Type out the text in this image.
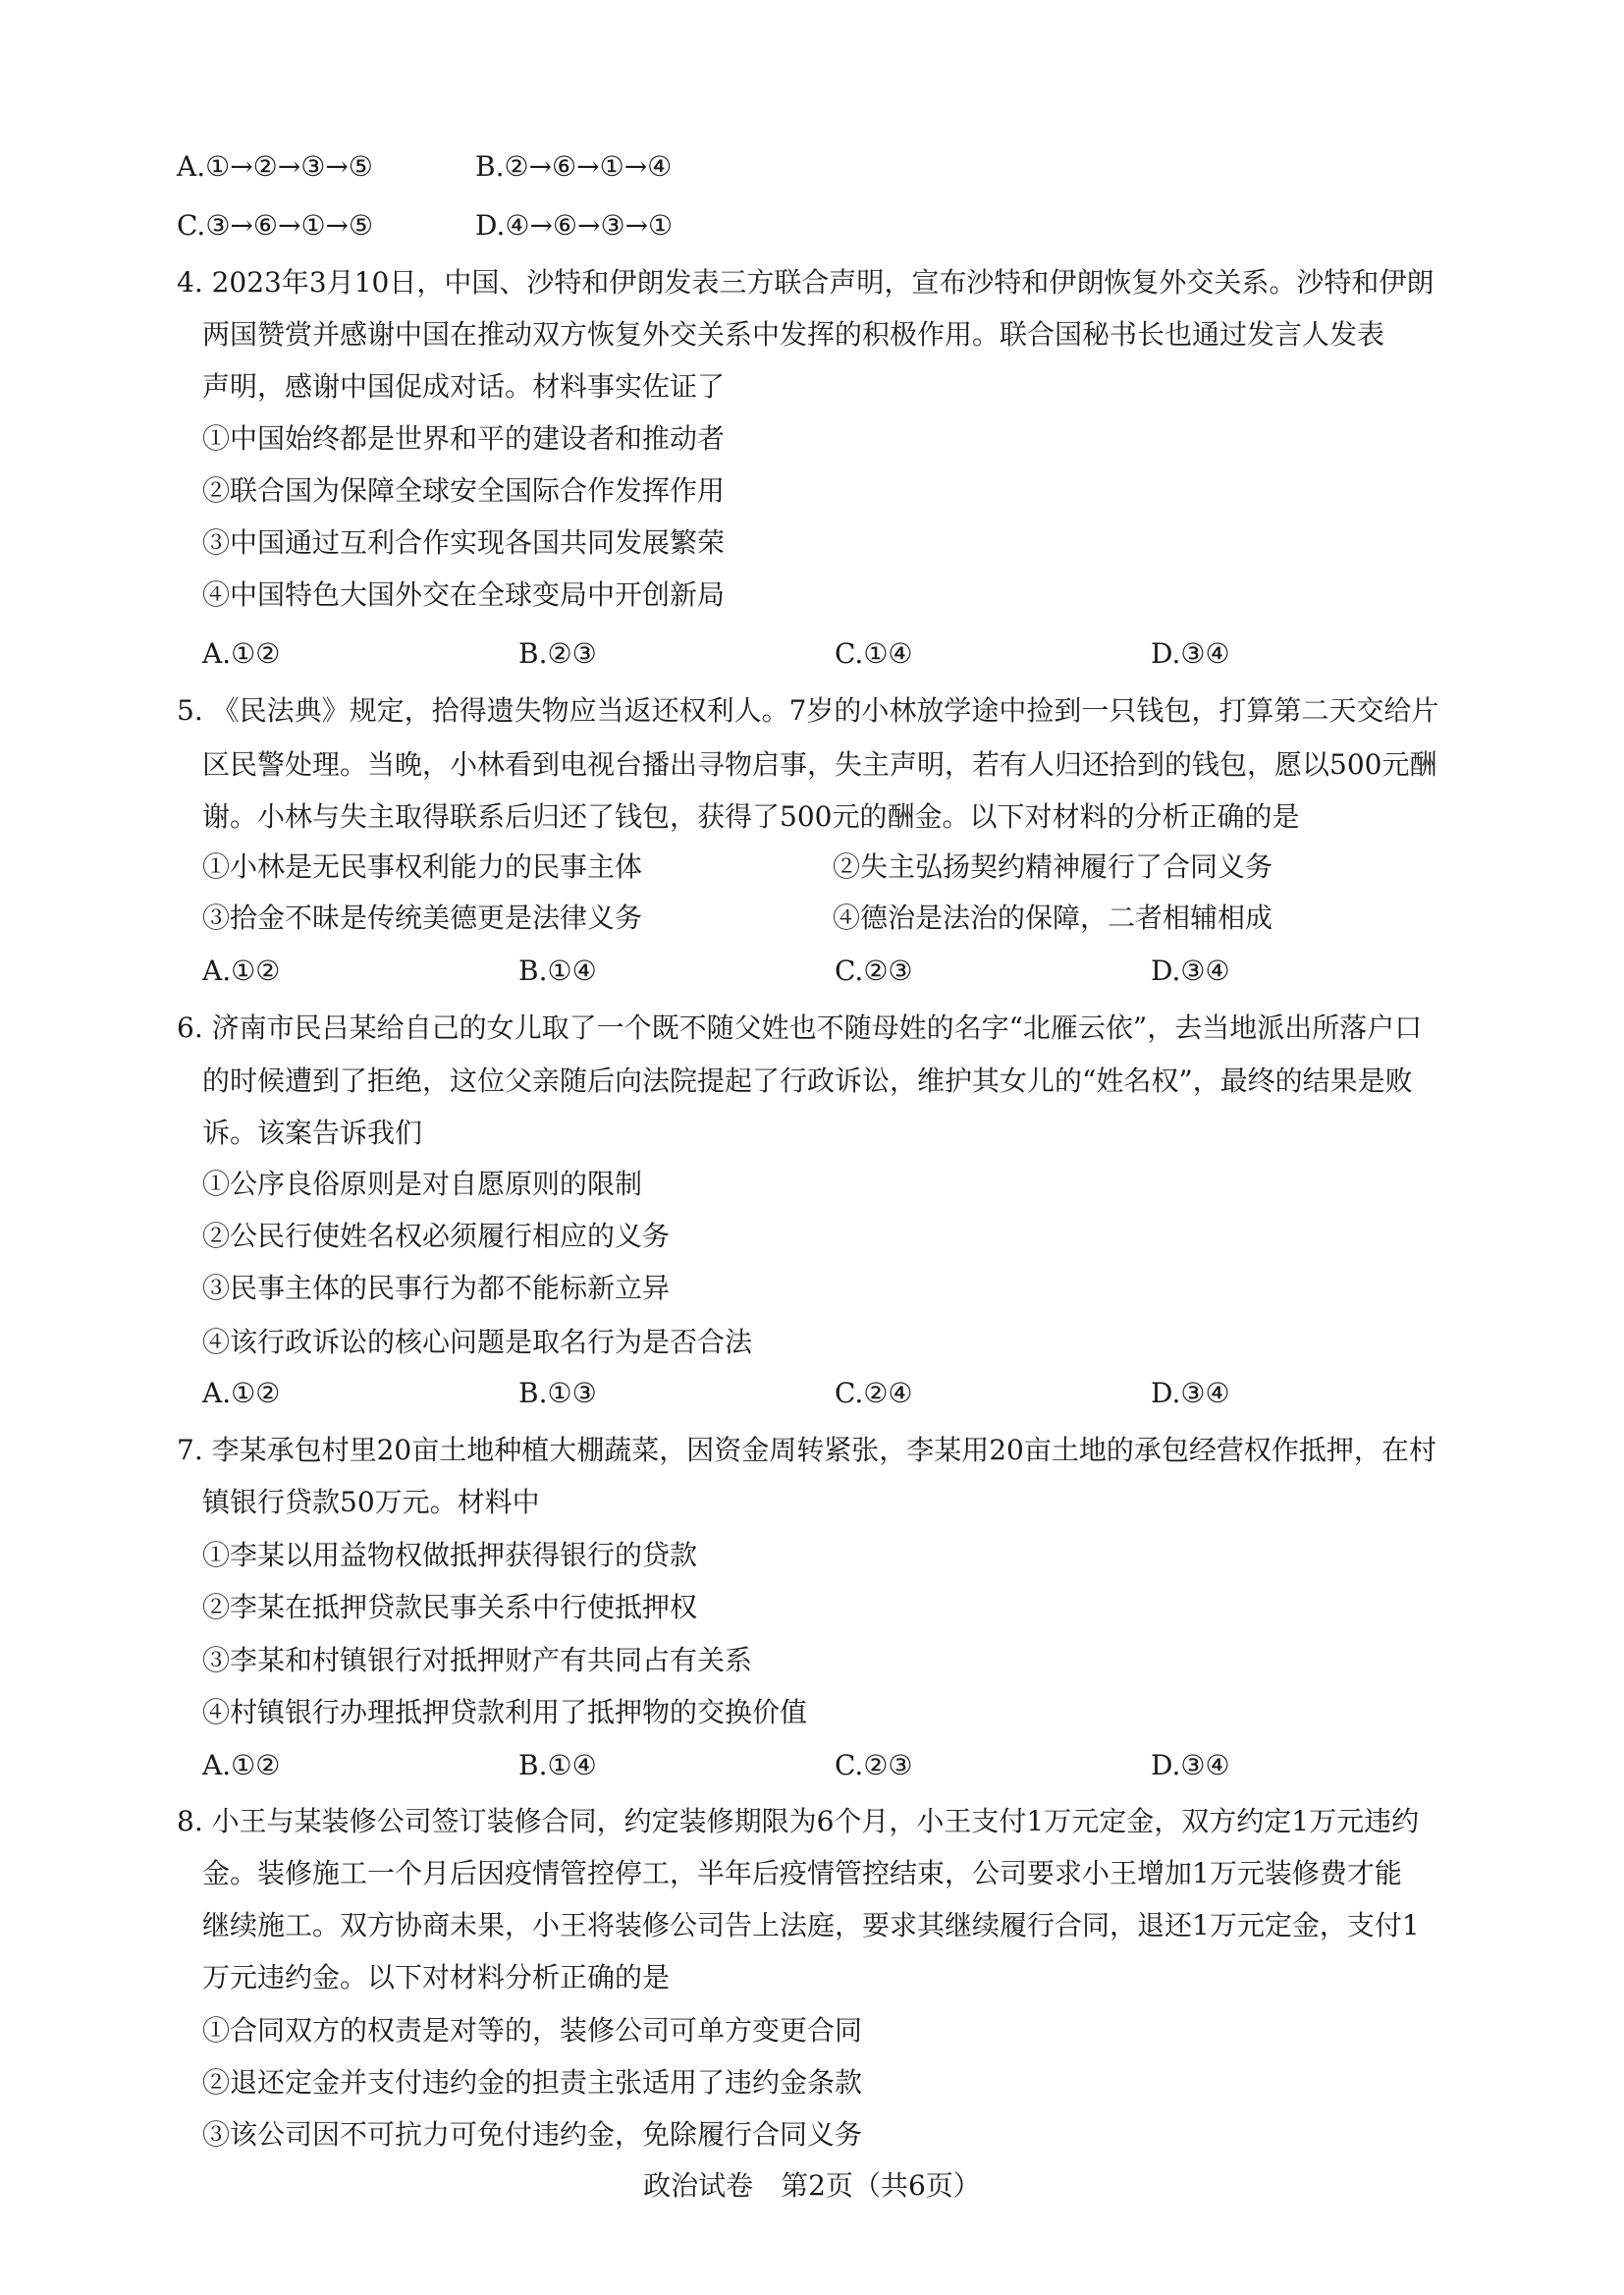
A.①→②→③→⑤	B.②→⑥→①→④
C.③→⑥→①→⑤	D.④→⑥→③→①
4. 2023年3月10日，中国、沙特和伊朗发表三方联合声明，宣布沙特和伊朗恢复外交关系。沙特和伊朗
两国赞赏并感谢中国在推动双方恢复外交关系中发挥的积极作用。联合国秘书长也通过发言人发表
声明，感谢中国促成对话。材料事实佐证了
①中国始终都是世界和平的建设者和推动者
②联合国为保障全球安全国际合作发挥作用
③中国通过互利合作实现各国共同发展繁荣
④中国特色大国外交在全球变局中开创新局
A.①②	B.②③	C.①④	D.③④
5. 《民法典》规定，拾得遗失物应当返还权利人。7岁的小林放学途中捡到一只钱包，打算第二天交给片
区民警处理。当晚，小林看到电视台播出寻物启事，失主声明，若有人归还拾到的钱包，愿以500元酬
谢。小林与失主取得联系后归还了钱包，获得了500元的酬金。以下对材料的分析正确的是
①小林是无民事权利能力的民事主体	②失主弘扬契约精神履行了合同义务
③拾金不昧是传统美德更是法律义务	④德治是法治的保障，二者相辅相成
A.①②	B.①④	C.②③	D.③④
6. 济南市民吕某给自己的女儿取了一个既不随父姓也不随母姓的名字“北雁云依”，去当地派出所落户口
的时候遭到了拒绝，这位父亲随后向法院提起了行政诉讼，维护其女儿的“姓名权”，最终的结果是败
诉。该案告诉我们
①公序良俗原则是对自愿原则的限制
②公民行使姓名权必须履行相应的义务
③民事主体的民事行为都不能标新立异
④该行政诉讼的核心问题是取名行为是否合法
A.①②	B.①③	C.②④	D.③④
7. 李某承包村里20亩土地种植大棚蔬菜，因资金周转紧张，李某用20亩土地的承包经营权作抵押，在村
镇银行贷款50万元。材料中
①李某以用益物权做抵押获得银行的贷款
②李某在抵押贷款民事关系中行使抵押权
③李某和村镇银行对抵押财产有共同占有关系
④村镇银行办理抵押贷款利用了抵押物的交换价值
A.①②	B.①④	C.②③	D.③④
8. 小王与某装修公司签订装修合同，约定装修期限为6个月，小王支付1万元定金，双方约定1万元违约
金。装修施工一个月后因疫情管控停工，半年后疫情管控结束，公司要求小王增加1万元装修费才能
继续施工。双方协商未果，小王将装修公司告上法庭，要求其继续履行合同，退还1万元定金，支付1
万元违约金。以下对材料分析正确的是
①合同双方的权责是对等的，装修公司可单方变更合同
②退还定金并支付违约金的担责主张适用了违约金条款
③该公司因不可抗力可免付违约金，免除履行合同义务
政治试卷　第2页（共6页）
